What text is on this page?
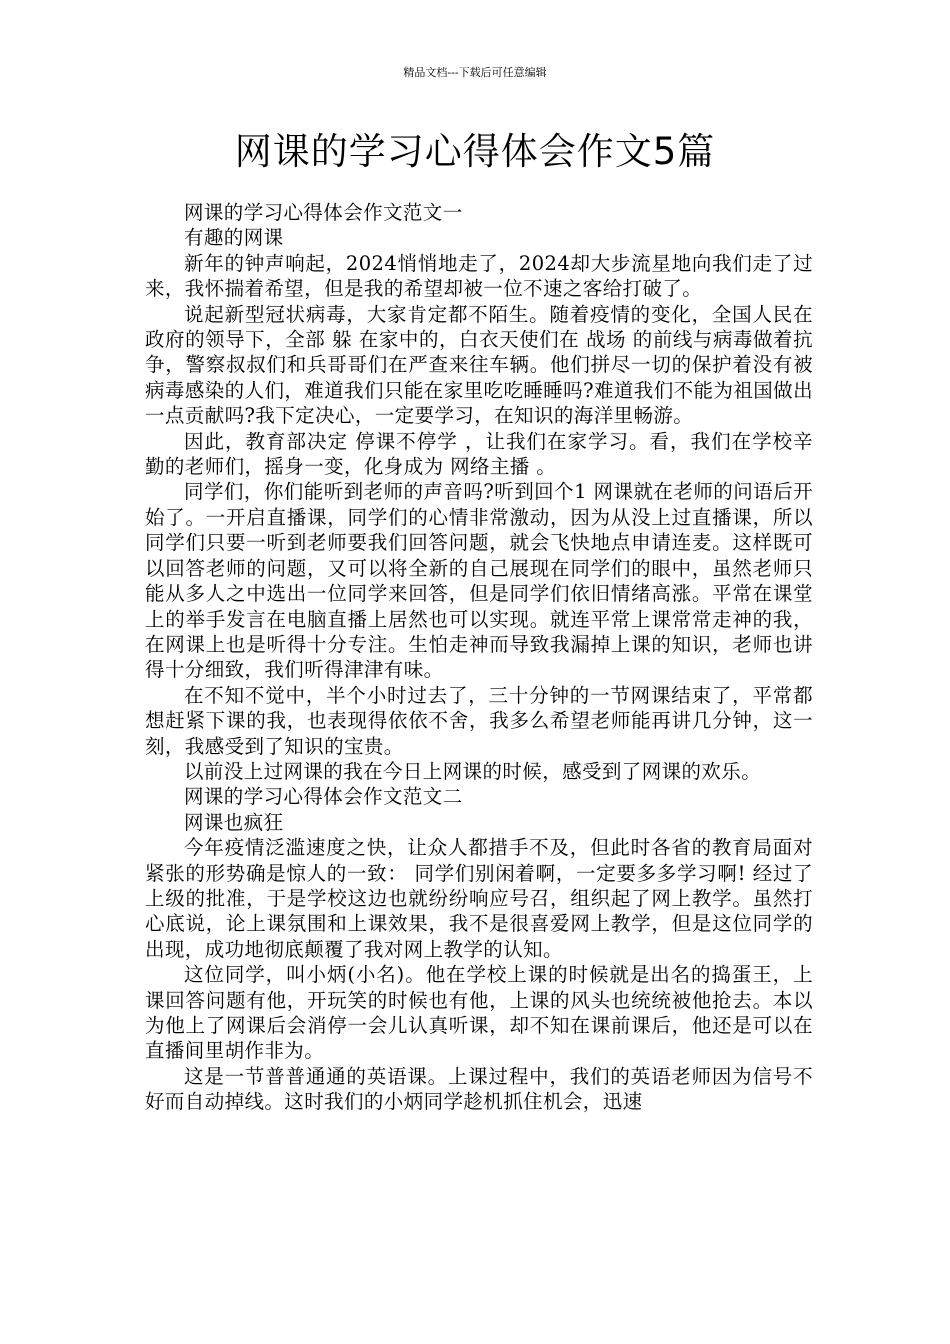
精品文档---下载后可任意编辑
网课的学习心得体会作文5篇

网课的学习心得体会作文范文一

有趣的网课

新年的钟声响起，2024悄悄地走了，2024却大步流星地向我们走了过来，我怀揣着希望，但是我的希望却被一位不速之客给打破了。

说起新型冠状病毒，大家肯定都不陌生。随着疫情的变化，全国人民在政府的领导下，全部 躲 在家中的，白衣天使们在 战场 的前线与病毒做着抗争，警察叔叔们和兵哥哥们在严查来往车辆。他们拼尽一切的保护着没有被病毒感染的人们，难道我们只能在家里吃吃睡睡吗?难道我们不能为祖国做出一点贡献吗?我下定决心，一定要学习，在知识的海洋里畅游。

因此，教育部决定 停课不停学 ，让我们在家学习。看，我们在学校辛勤的老师们，摇身一变，化身成为 网络主播 。

同学们，你们能听到老师的声音吗?听到回个1 网课就在老师的问语后开始了。一开启直播课，同学们的心情非常激动，因为从没上过直播课，所以同学们只要一听到老师要我们回答问题，就会飞快地点申请连麦。这样既可以回答老师的问题，又可以将全新的自己展现在同学们的眼中，虽然老师只能从多人之中选出一位同学来回答，但是同学们依旧情绪高涨。平常在课堂上的举手发言在电脑直播上居然也可以实现。就连平常上课常常走神的我，在网课上也是听得十分专注。生怕走神而导致我漏掉上课的知识，老师也讲得十分细致，我们听得津津有味。

在不知不觉中，半个小时过去了，三十分钟的一节网课结束了，平常都想赶紧下课的我，也表现得依依不舍，我多么希望老师能再讲几分钟，这一刻，我感受到了知识的宝贵。

以前没上过网课的我在今日上网课的时候，感受到了网课的欢乐。

网课的学习心得体会作文范文二

网课也疯狂

今年疫情泛滥速度之快，让众人都措手不及，但此时各省的教育局面对紧张的形势确是惊人的一致： 同学们别闲着啊，一定要多多学习啊! 经过了上级的批准，于是学校这边也就纷纷响应号召，组织起了网上教学。虽然打心底说，论上课氛围和上课效果，我不是很喜爱网上教学，但是这位同学的出现，成功地彻底颠覆了我对网上教学的认知。

这位同学，叫小炳(小名)。他在学校上课的时候就是出名的捣蛋王，上课回答问题有他，开玩笑的时候也有他，上课的风头也统统被他抢去。本以为他上了网课后会消停一会儿认真听课，却不知在课前课后，他还是可以在直播间里胡作非为。

这是一节普普通通的英语课。上课过程中，我们的英语老师因为信号不好而自动掉线。这时我们的小炳同学趁机抓住机会，迅速
